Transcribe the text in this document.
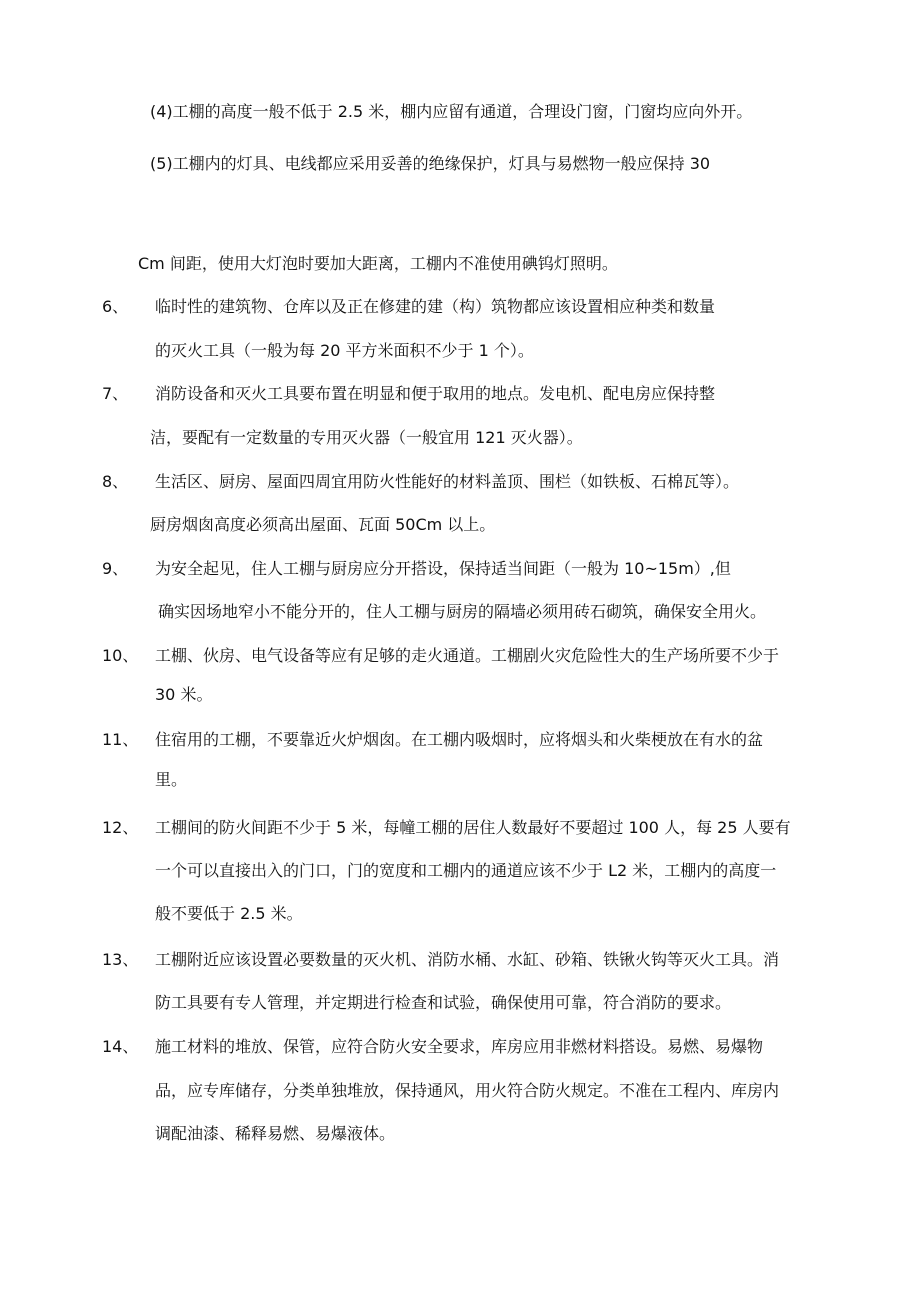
(4)工棚的高度一般不低于 2.5 米，棚内应留有通道，合理设门窗，门窗均应向外开。
(5)工棚内的灯具、电线都应采用妥善的绝缘保护，灯具与易燃物一般应保持 30
Cm 间距，使用大灯泡时要加大距离，工棚内不准使用碘钨灯照明。
6、 临时性的建筑物、仓库以及正在修建的建（构）筑物都应该设置相应种类和数量
的灭火工具（一般为每 20 平方米面积不少于 1 个）。
7、 消防设备和灭火工具要布置在明显和便于取用的地点。发电机、配电房应保持整
洁，要配有一定数量的专用灭火器（一般宜用 121 灭火器）。
8、 生活区、厨房、屋面四周宜用防火性能好的材料盖顶、围栏（如铁板、石棉瓦等）。
厨房烟囱高度必须高出屋面、瓦面 50Cm 以上。
9、 为安全起见，住人工棚与厨房应分开搭设，保持适当间距（一般为 10~15m）,但
确实因场地窄小不能分开的，住人工棚与厨房的隔墙必须用砖石砌筑，确保安全用火。
10、 工棚、伙房、电气设备等应有足够的走火通道。工棚剧火灾危险性大的生产场所要不少于
30 米。
11、 住宿用的工棚，不要靠近火炉烟囱。在工棚内吸烟时，应将烟头和火柴梗放在有水的盆
里。
12、 工棚间的防火间距不少于 5 米，每幢工棚的居住人数最好不要超过 100 人，每 25 人要有
一个可以直接出入的门口，门的宽度和工棚内的通道应该不少于 L2 米，工棚内的高度一
般不要低于 2.5 米。
13、 工棚附近应该设置必要数量的灭火机、消防水桶、水缸、砂箱、铁锹火钩等灭火工具。消
防工具要有专人管理，并定期进行检查和试验，确保使用可靠，符合消防的要求。
14、 施工材料的堆放、保管，应符合防火安全要求，库房应用非燃材料搭设。易燃、易爆物
品，应专库储存，分类单独堆放，保持通风，用火符合防火规定。不准在工程内、库房内
调配油漆、稀释易燃、易爆液体。
